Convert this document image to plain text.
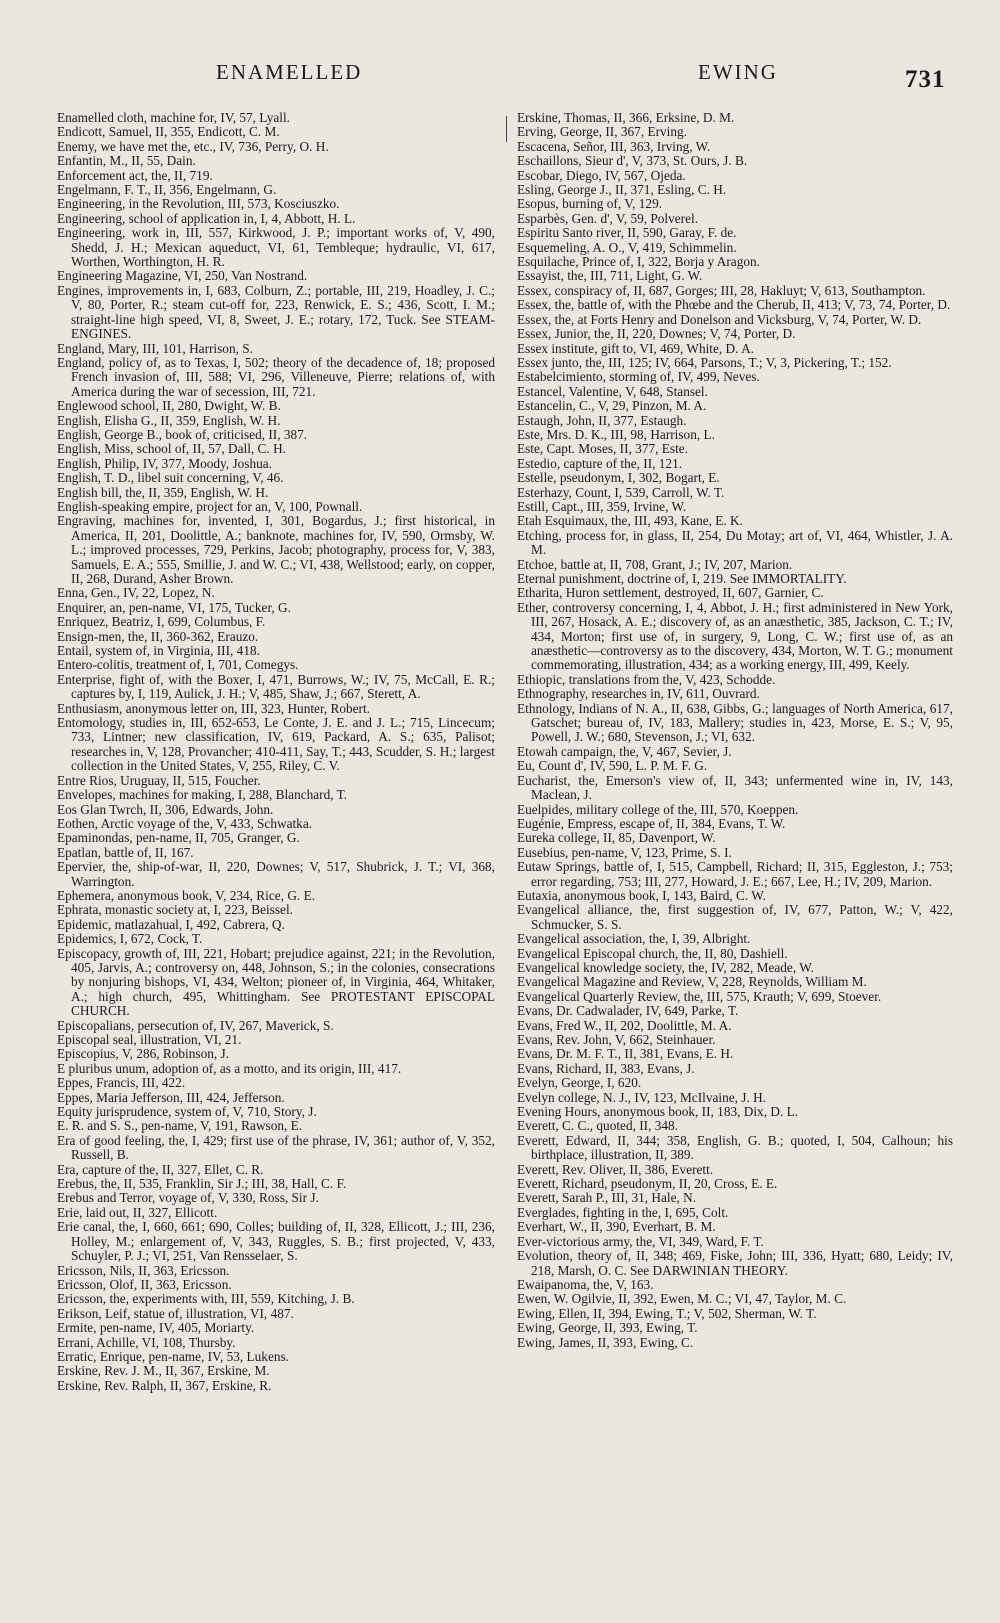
ENAMELLED	EWING	731

Enamelled cloth, machine for, IV, 57, Lyall.

Endicott, Samuel, II, 355, Endicott, C. M.

Enemy, we have met the, etc., IV, 736, Perry, O. H.

Enfantin, M., II, 55, Dain.

Enforcement act, the, II, 719.

Engelmann, F. T., II, 356, Engelmann, G.

Engineering, in the Revolution, III, 573, Kosciuszko.

Engineering, school of application in, I, 4, Abbott, H. L.

Engineering, work in, III, 557, Kirkwood, J. P.; important works of, V, 490, Shedd, J. H.; Mexican aqueduct, VI, 61, Tembleque; hydraulic, VI, 617, Worthen, Worthington, H. R.

Engineering Magazine, VI, 250, Van Nostrand.

Engines, improvements in, I, 683, Colburn, Z.; portable, III, 219, Hoadley, J. C.; V, 80, Porter, R.; steam cut-off for, 223, Renwick, E. S.; 436, Scott, I. M.; straight-line high speed, VI, 8, Sweet, J. E.; rotary, 172, Tuck. See STEAM-ENGINES.

England, Mary, III, 101, Harrison, S.

England, policy of, as to Texas, I, 502; theory of the decadence of, 18; proposed French invasion of, III, 588; VI, 296, Villeneuve, Pierre; relations of, with America during the war of secession, III, 721.

Englewood school, II, 280, Dwight, W. B.

English, Elisha G., II, 359, English, W. H.

English, George B., book of, criticised, II, 387.

English, Miss, school of, II, 57, Dall, C. H.

English, Philip, IV, 377, Moody, Joshua.

English, T. D., libel suit concerning, V, 46.

English bill, the, II, 359, English, W. H.

English-speaking empire, project for an, V, 100, Pownall.

Engraving, machines for, invented, I, 301, Bogardus, J.; first historical, in America, II, 201, Doolittle, A.; banknote, machines for, IV, 590, Ormsby, W. L.; improved processes, 729, Perkins, Jacob; photography, process for, V, 383, Samuels, E. A.; 555, Smillie, J. and W. C.; VI, 438, Wellstood; early, on copper, II, 268, Durand, Asher Brown.

Enna, Gen., IV, 22, Lopez, N.

Enquirer, an, pen-name, VI, 175, Tucker, G.

Enriquez, Beatriz, I, 699, Columbus, F.

Ensign-men, the, II, 360-362, Erauzo.

Entail, system of, in Virginia, III, 418.

Entero-colitis, treatment of, I, 701, Comegys.

Enterprise, fight of, with the Boxer, I, 471, Burrows, W.; IV, 75, McCall, E. R.; captures by, I, 119, Aulick, J. H.; V, 485, Shaw, J.; 667, Sterett, A.

Enthusiasm, anonymous letter on, III, 323, Hunter, Robert.

Entomology, studies in, III, 652-653, Le Conte, J. E. and J. L.; 715, Lincecum; 733, Lintner; new classification, IV, 619, Packard, A. S.; 635, Palisot; researches in, V, 128, Provancher; 410-411, Say, T.; 443, Scudder, S. H.; largest collection in the United States, V, 255, Riley, C. V.

Entre Rios, Uruguay, II, 515, Foucher.

Envelopes, machines for making, I, 288, Blanchard, T.

Eos Glan Twrch, II, 306, Edwards, John.

Eothen, Arctic voyage of the, V, 433, Schwatka.

Epaminondas, pen-name, II, 705, Granger, G.

Epatlan, battle of, II, 167.

Epervier, the, ship-of-war, II, 220, Downes; V, 517, Shubrick, J. T.; VI, 368, Warrington.

Ephemera, anonymous book, V, 234, Rice, G. E.

Ephrata, monastic society at, I, 223, Beissel.

Epidemic, matlazahual, I, 492, Cabrera, Q.

Epidemics, I, 672, Cock, T.

Episcopacy, growth of, III, 221, Hobart; prejudice against, 221; in the Revolution, 405, Jarvis, A.; controversy on, 448, Johnson, S.; in the colonies, consecrations by nonjuring bishops, VI, 434, Welton; pioneer of, in Virginia, 464, Whitaker, A.; high church, 495, Whittingham. See PROTESTANT EPISCOPAL CHURCH.

Episcopalians, persecution of, IV, 267, Maverick, S.

Episcopal seal, illustration, VI, 21.

Episcopius, V, 286, Robinson, J.

E pluribus unum, adoption of, as a motto, and its origin, III, 417.

Eppes, Francis, III, 422.

Eppes, Maria Jefferson, III, 424, Jefferson.

Equity jurisprudence, system of, V, 710, Story, J.

E. R. and S. S., pen-name, V, 191, Rawson, E.

Era of good feeling, the, I, 429; first use of the phrase, IV, 361; author of, V, 352, Russell, B.

Era, capture of the, II, 327, Ellet, C. R.

Erebus, the, II, 535, Franklin, Sir J.; III, 38, Hall, C. F.

Erebus and Terror, voyage of, V, 330, Ross, Sir J.

Erie, laid out, II, 327, Ellicott.

Erie canal, the, I, 660, 661; 690, Colles; building of, II, 328, Ellicott, J.; III, 236, Holley, M.; enlargement of, V, 343, Ruggles, S. B.; first projected, V, 433, Schuyler, P. J.; VI, 251, Van Rensselaer, S.

Ericsson, Nils, II, 363, Ericsson.

Ericsson, Olof, II, 363, Ericsson.

Ericsson, the, experiments with, III, 559, Kitching, J. B.

Erikson, Leif, statue of, illustration, VI, 487.

Ermite, pen-name, IV, 405, Moriarty.

Errani, Achille, VI, 108, Thursby.

Erratic, Enrique, pen-name, IV, 53, Lukens.

Erskine, Rev. J. M., II, 367, Erskine, M.

Erskine, Rev. Ralph, II, 367, Erskine, R.

Erskine, Thomas, II, 366, Erksine, D. M.

Erving, George, II, 367, Erving.

Escacena, Señor, III, 363, Irving, W.

Eschaillons, Sieur d', V, 373, St. Ours, J. B.

Escobar, Diego, IV, 567, Ojeda.

Esling, George J., II, 371, Esling, C. H.

Esopus, burning of, V, 129.

Esparbès, Gen. d', V, 59, Polverel.

Espiritu Santo river, II, 590, Garay, F. de.

Esquemeling, A. O., V, 419, Schimmelin.

Esquilache, Prince of, I, 322, Borja y Aragon.

Essayist, the, III, 711, Light, G. W.

Essex, conspiracy of, II, 687, Gorges; III, 28, Hakluyt; V, 613, Southampton.

Essex, the, battle of, with the Phœbe and the Cherub, II, 413; V, 73, 74, Porter, D.

Essex, the, at Forts Henry and Donelson and Vicksburg, V, 74, Porter, W. D.

Essex, Junior, the, II, 220, Downes; V, 74, Porter, D.

Essex institute, gift to, VI, 469, White, D. A.

Essex junto, the, III, 125; IV, 664, Parsons, T.; V, 3, Pickering, T.; 152.

Estabelcimiento, storming of, IV, 499, Neves.

Estancel, Valentine, V, 648, Stansel.

Estancelin, C., V, 29, Pinzon, M. A.

Estaugh, John, II, 377, Estaugh.

Este, Mrs. D. K., III, 98, Harrison, L.

Este, Capt. Moses, II, 377, Este.

Estedio, capture of the, II, 121.

Estelle, pseudonym, I, 302, Bogart, E.

Esterhazy, Count, I, 539, Carroll, W. T.

Estill, Capt., III, 359, Irvine, W.

Etah Esquimaux, the, III, 493, Kane, E. K.

Etching, process for, in glass, II, 254, Du Motay; art of, VI, 464, Whistler, J. A. M.

Etchoe, battle at, II, 708, Grant, J.; IV, 207, Marion.

Eternal punishment, doctrine of, I, 219. See IMMORTALITY.

Etharita, Huron settlement, destroyed, II, 607, Garnier, C.

Ether, controversy concerning, I, 4, Abbot, J. H.; first administered in New York, III, 267, Hosack, A. E.; discovery of, as an anæsthetic, 385, Jackson, C. T.; IV, 434, Morton; first use of, in surgery, 9, Long, C. W.; first use of, as an anæsthetic—controversy as to the discovery, 434, Morton, W. T. G.; monument commemorating, illustration, 434; as a working energy, III, 499, Keely.

Ethiopic, translations from the, V, 423, Schodde.

Ethnography, researches in, IV, 611, Ouvrard.

Ethnology, Indians of N. A., II, 638, Gibbs, G.; languages of North America, 617, Gatschet; bureau of, IV, 183, Mallery; studies in, 423, Morse, E. S.; V, 95, Powell, J. W.; 680, Stevenson, J.; VI, 632.

Etowah campaign, the, V, 467, Sevier, J.

Eu, Count d', IV, 590, L. P. M. F. G.

Eucharist, the, Emerson's view of, II, 343; unfermented wine in, IV, 143, Maclean, J.

Euelpides, military college of the, III, 570, Koeppen.

Eugénie, Empress, escape of, II, 384, Evans, T. W.

Eureka college, II, 85, Davenport, W.

Eusebius, pen-name, V, 123, Prime, S. I.

Eutaw Springs, battle of, I, 515, Campbell, Richard; II, 315, Eggleston, J.; 753; error regarding, 753; III, 277, Howard, J. E.; 667, Lee, H.; IV, 209, Marion.

Eutaxia, anonymous book, I, 143, Baird, C. W.

Evangelical alliance, the, first suggestion of, IV, 677, Patton, W.; V, 422, Schmucker, S. S.

Evangelical association, the, I, 39, Albright.

Evangelical Episcopal church, the, II, 80, Dashiell.

Evangelical knowledge society, the, IV, 282, Meade, W.

Evangelical Magazine and Review, V, 228, Reynolds, William M.

Evangelical Quarterly Review, the, III, 575, Krauth; V, 699, Stoever.

Evans, Dr. Cadwalader, IV, 649, Parke, T.

Evans, Fred W., II, 202, Doolittle, M. A.

Evans, Rev. John, V, 662, Steinhauer.

Evans, Dr. M. F. T., II, 381, Evans, E. H.

Evans, Richard, II, 383, Evans, J.

Evelyn, George, I, 620.

Evelyn college, N. J., IV, 123, McIlvaine, J. H.

Evening Hours, anonymous book, II, 183, Dix, D. L.

Everett, C. C., quoted, II, 348.

Everett, Edward, II, 344; 358, English, G. B.; quoted, I, 504, Calhoun; his birthplace, illustration, II, 389.

Everett, Rev. Oliver, II, 386, Everett.

Everett, Richard, pseudonym, II, 20, Cross, E. E.

Everett, Sarah P., III, 31, Hale, N.

Everglades, fighting in the, I, 695, Colt.

Everhart, W., II, 390, Everhart, B. M.

Ever-victorious army, the, VI, 349, Ward, F. T.

Evolution, theory of, II, 348; 469, Fiske, John; III, 336, Hyatt; 680, Leidy; IV, 218, Marsh, O. C. See DARWINIAN THEORY.

Ewaipanoma, the, V, 163.

Ewen, W. Ogilvie, II, 392, Ewen, M. C.; VI, 47, Taylor, M. C.

Ewing, Ellen, II, 394, Ewing, T.; V, 502, Sherman, W. T.

Ewing, George, II, 393, Ewing, T.

Ewing, James, II, 393, Ewing, C.
